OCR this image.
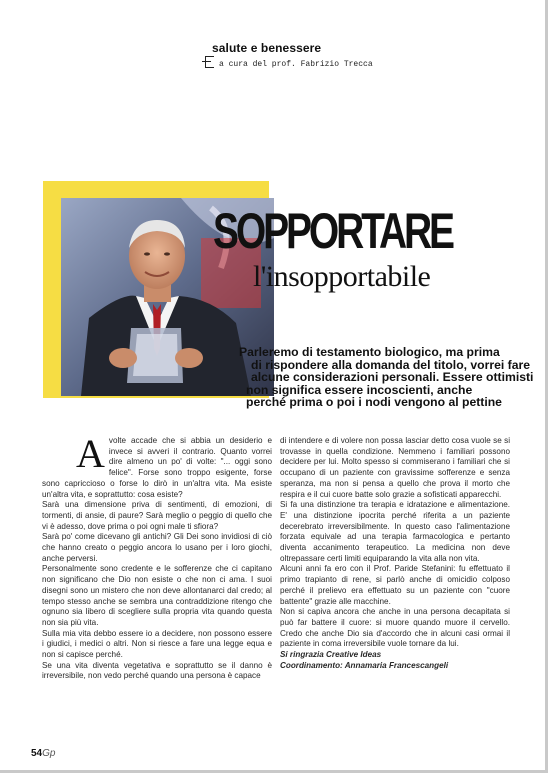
salute e benessere
a cura del prof. Fabrizio Trecca
SOPPORTARE
l'insopportabile
Parleremo di testamento biologico, ma prima
di rispondere alla domanda del titolo, vorrei fare
alcune considerazioni personali. Essere ottimisti
non significa essere incoscienti, anche
perché prima o poi i nodi vengono al pettine
A volte accade che si abbia un desiderio e invece si avveri il contrario. Quanto vorrei dire almeno un po' di volte: "... oggi sono felice". Forse sono troppo esigente, forse sono capriccioso o forse lo dirò in un'altra vita. Ma esiste un'altra vita, e soprattutto: cosa esiste?

Sarà una dimensione priva di sentimenti, di emozioni, di tormenti, di ansie, di paure? Sarà meglio o peggio di quello che vi è adesso, dove prima o poi ogni male ti sfiora?

Sarà po' come dicevano gli antichi? Gli Dei sono invidiosi di ciò che hanno creato o peggio ancora lo usano per i loro giochi, anche perversi.

Personalmente sono credente e le sofferenze che ci capitano non significano che Dio non esiste o che non ci ama. I suoi disegni sono un mistero che non deve allontanarci dal credo; al tempo stesso anche se sembra una contraddizione ritengo che ognuno sia libero di scegliere sulla propria vita quando questa non sia più vita.

Sulla mia vita debbo essere io a decidere, non possono essere i giudici, i medici o altri. Non si riesce a fare una legge equa e non si capisce perché.

Se una vita diventa vegetativa e soprattutto se il danno è irreversibile, non vedo perché quando una persona è capace

di intendere e di volere non possa lasciar detto cosa vuole se si trovasse in quella condizione. Nemmeno i familiari possono decidere per lui. Molto spesso si commiserano i familiari che si occupano di un paziente con gravissime sofferenze e senza speranza, ma non si pensa a quello che prova il morto che respira e il cui cuore batte solo grazie a sofisticati apparecchi.

Si fa una distinzione tra terapia e idratazione e alimentazione. E' una distinzione ipocrita perché riferita a un paziente decerebrato irreversibilmente. In questo caso l'alimentazione forzata equivale ad una terapia farmacologica e pertanto diventa accanimento terapeutico. La medicina non deve oltrepassare certi limiti equiparando la vita alla non vita.

Alcuni anni fa ero con il Prof. Paride Stefanini: fu effettuato il primo trapianto di rene, si parlò anche di omicidio colposo perché il prelievo era effettuato su un paziente con "cuore battente" grazie alle macchine.

Non si capiva ancora che anche in una persona decapitata si può far battere il cuore: si muore quando muore il cervello. Credo che anche Dio sia d'accordo che in alcuni casi ormai il paziente in coma irreversibile vuole tornare da lui.

Si ringrazia Creative Ideas

Coordinamento: Annamaria Francescangeli

54Gp
